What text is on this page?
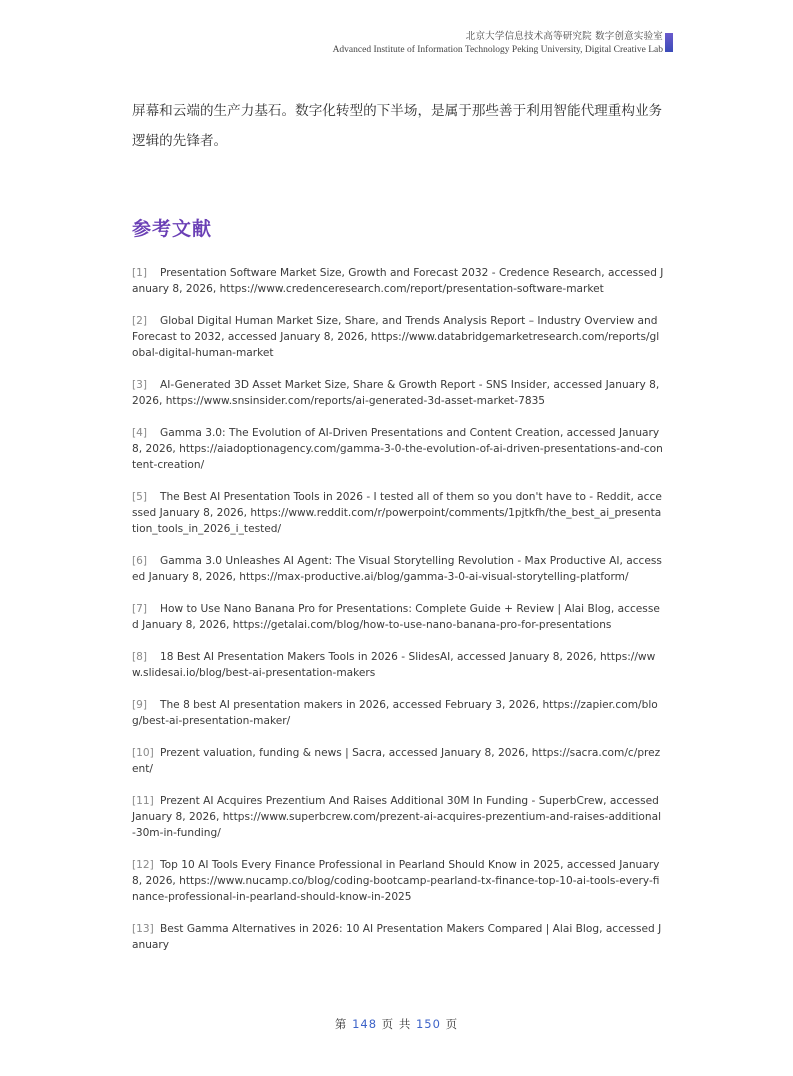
北京大学信息技术高等研究院 数字创意实验室
Advanced Institute of Information Technology Peking University, Digital Creative Lab
屏幕和云端的生产力基石。数字化转型的下半场，是属于那些善于利用智能代理重构业务逻辑的先锋者。
参考文献
[1] Presentation Software Market Size, Growth and Forecast 2032 - Credence Research, accessed January 8, 2026, https://www.credenceresearch.com/report/presentation-software-market
[2] Global Digital Human Market Size, Share, and Trends Analysis Report – Industry Overview and Forecast to 2032, accessed January 8, 2026, https://www.databridgemarketresearch.com/reports/global-digital-human-market
[3] AI-Generated 3D Asset Market Size, Share & Growth Report - SNS Insider, accessed January 8, 2026, https://www.snsinsider.com/reports/ai-generated-3d-asset-market-7835
[4] Gamma 3.0: The Evolution of AI-Driven Presentations and Content Creation, accessed January 8, 2026, https://aiadoptionagency.com/gamma-3-0-the-evolution-of-ai-driven-presentations-and-content-creation/
[5] The Best AI Presentation Tools in 2026 - I tested all of them so you don't have to - Reddit, accessed January 8, 2026, https://www.reddit.com/r/powerpoint/comments/1pjtkfh/the_best_ai_presentation_tools_in_2026_i_tested/
[6] Gamma 3.0 Unleashes AI Agent: The Visual Storytelling Revolution - Max Productive AI, accessed January 8, 2026, https://max-productive.ai/blog/gamma-3-0-ai-visual-storytelling-platform/
[7] How to Use Nano Banana Pro for Presentations: Complete Guide + Review | Alai Blog, accessed January 8, 2026, https://getalai.com/blog/how-to-use-nano-banana-pro-for-presentations
[8] 18 Best AI Presentation Makers Tools in 2026 - SlidesAI, accessed January 8, 2026, https://www.slidesai.io/blog/best-ai-presentation-makers
[9] The 8 best AI presentation makers in 2026, accessed February 3, 2026, https://zapier.com/blog/best-ai-presentation-maker/
[10] Prezent valuation, funding & news | Sacra, accessed January 8, 2026, https://sacra.com/c/prezent/
[11] Prezent AI Acquires Prezentium And Raises Additional 30M In Funding - SuperbCrew, accessed January 8, 2026, https://www.superbcrew.com/prezent-ai-acquires-prezentium-and-raises-additional-30m-in-funding/
[12] Top 10 AI Tools Every Finance Professional in Pearland Should Know in 2025, accessed January 8, 2026, https://www.nucamp.co/blog/coding-bootcamp-pearland-tx-finance-top-10-ai-tools-every-finance-professional-in-pearland-should-know-in-2025
[13] Best Gamma Alternatives in 2026: 10 AI Presentation Makers Compared | Alai Blog, accessed January
第 148 页 共 150 页
